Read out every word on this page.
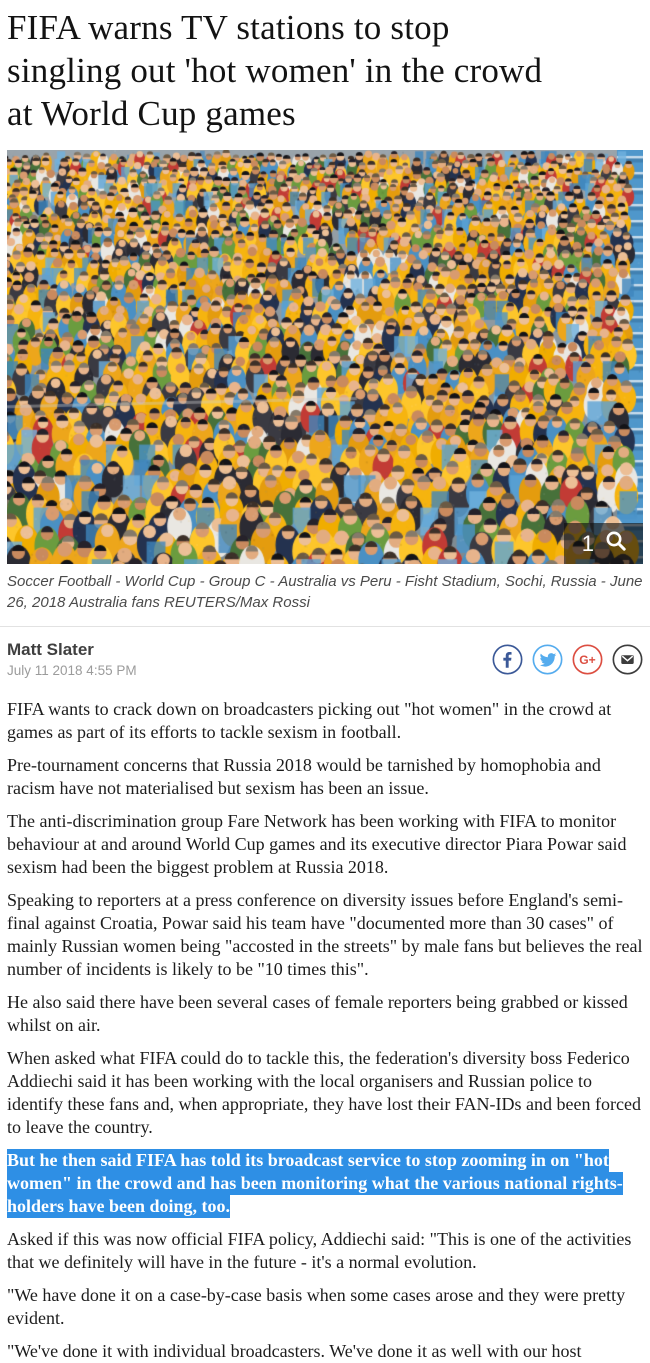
FIFA warns TV stations to stop
singling out 'hot women' in the crowd
at World Cup games
1

Soccer Football - World Cup - Group C - Australia vs Peru - Fisht Stadium, Sochi, Russia - June 26, 2018 Australia fans REUTERS/Max Rossi

Matt Slater
July 11 2018 4:55 PM
G+

FIFA wants to crack down on broadcasters picking out "hot women" in the crowd at games as part of its efforts to tackle sexism in football.

Pre-tournament concerns that Russia 2018 would be tarnished by homophobia and racism have not materialised but sexism has been an issue.

The anti-discrimination group Fare Network has been working with FIFA to monitor behaviour at and around World Cup games and its executive director Piara Powar said sexism had been the biggest problem at Russia 2018.

Speaking to reporters at a press conference on diversity issues before England's semi-final against Croatia, Powar said his team have "documented more than 30 cases" of mainly Russian women being "accosted in the streets" by male fans but believes the real number of incidents is likely to be "10 times this".

He also said there have been several cases of female reporters being grabbed or kissed whilst on air.

When asked what FIFA could do to tackle this, the federation's diversity boss Federico Addiechi said it has been working with the local organisers and Russian police to identify these fans and, when appropriate, they have lost their FAN-IDs and been forced to leave the country.

But he then said FIFA has told its broadcast service to stop zooming in on "hot women" in the crowd and has been monitoring what the various national rights-holders have been doing, too.

Asked if this was now official FIFA policy, Addiechi said: "This is one of the activities that we definitely will have in the future - it's a normal evolution.

"We have done it on a case-by-case basis when some cases arose and they were pretty evident.

"We've done it with individual broadcasters. We've done it as well with our host
